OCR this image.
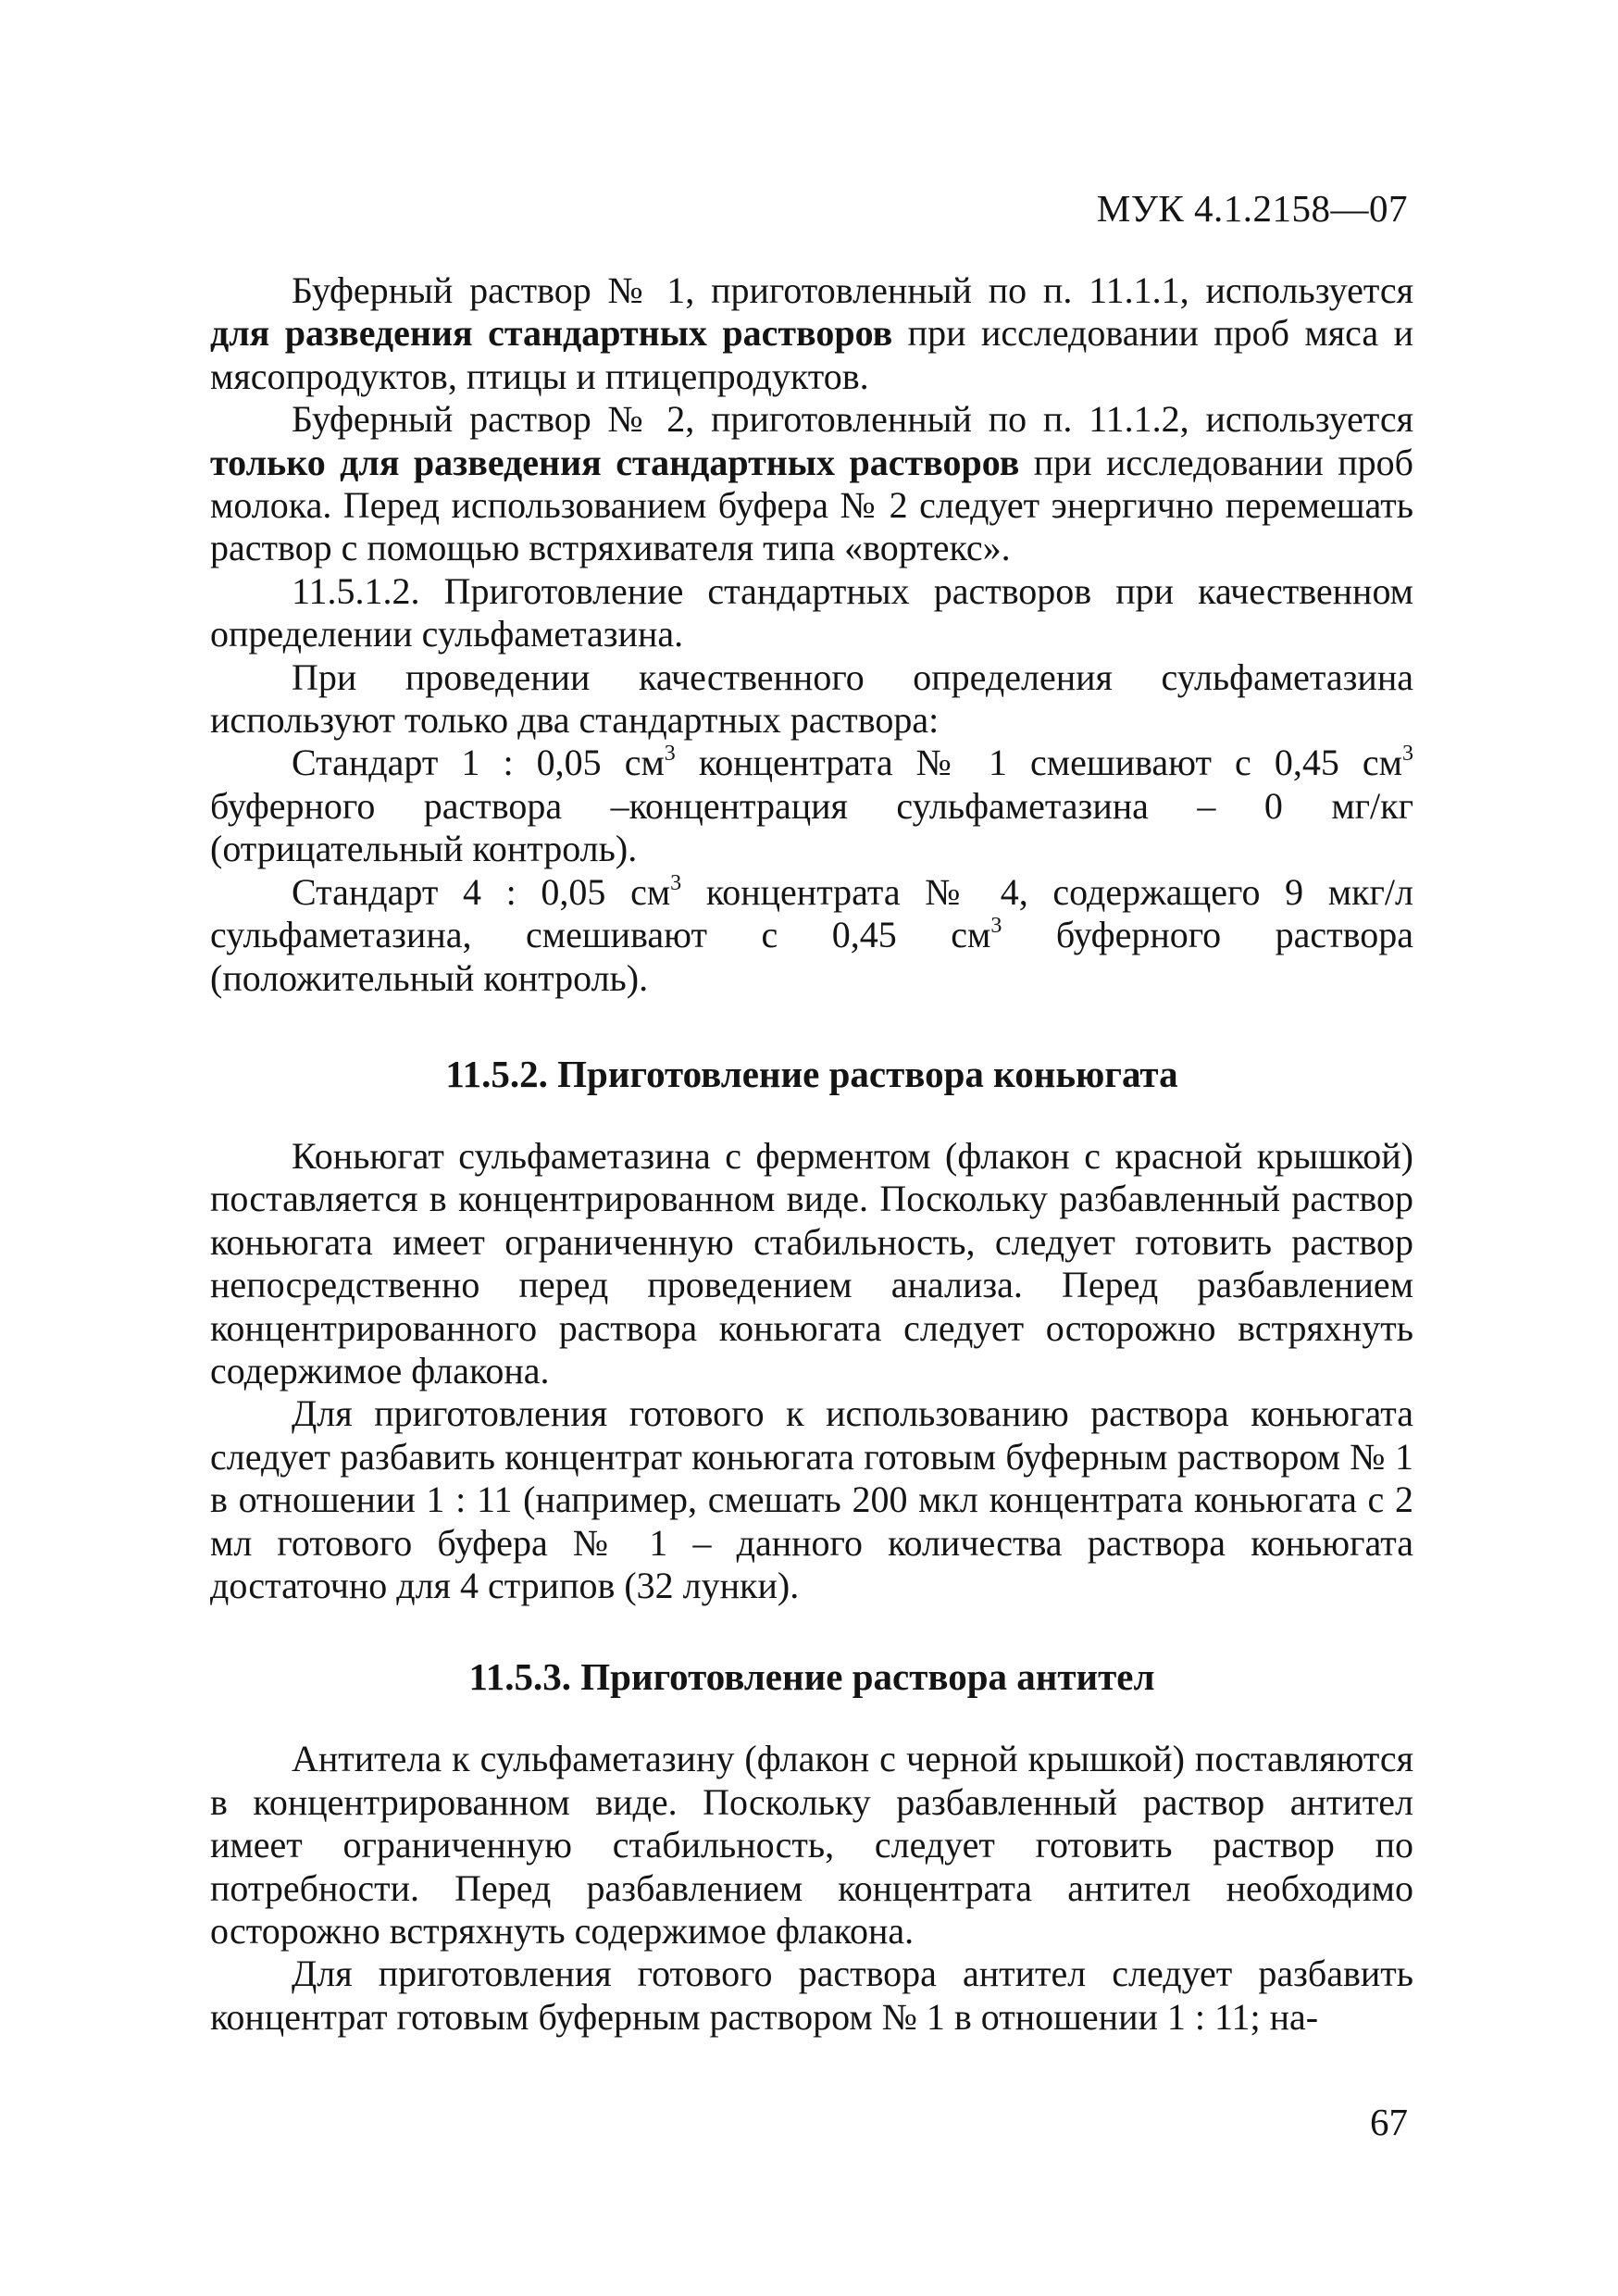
МУК 4.1.2158—07

Буферный раствор № 1, приготовленный по п. 11.1.1, используется для разведения стандартных растворов при исследовании проб мяса и мясопродуктов, птицы и птицепродуктов.

Буферный раствор № 2, приготовленный по п. 11.1.2, используется только для разведения стандартных растворов при исследовании проб молока. Перед использованием буфера № 2 следует энергично перемешать раствор с помощью встряхивателя типа «вортекс».

11.5.1.2. Приготовление стандартных растворов при качественном определении сульфаметазина.

При проведении качественного определения сульфаметазина используют только два стандартных раствора:

Стандарт 1 : 0,05 $см^3$ концентрата № 1 смешивают с 0,45 $см^3$ буферного раствора –концентрация сульфаметазина – 0 мг/кг (отрицательный контроль).

Стандарт 4 : 0,05 $см^3$ концентрата № 4, содержащего 9 мкг/л сульфаметазина, смешивают с 0,45 $см^3$ буферного раствора (положительный контроль).

11.5.2. Приготовление раствора коньюгата

Коньюгат сульфаметазина с ферментом (флакон с красной крышкой) поставляется в концентрированном виде. Поскольку разбавленный раствор коньюгата имеет ограниченную стабильность, следует готовить раствор непосредственно перед проведением анализа. Перед разбавлением концентрированного раствора коньюгата следует осторожно встряхнуть содержимое флакона.

Для приготовления готового к использованию раствора коньюгата следует разбавить концентрат коньюгата готовым буферным раствором № 1 в отношении 1 : 11 (например, смешать 200 мкл концентрата коньюгата с 2 мл готового буфера № 1 – данного количества раствора коньюгата достаточно для 4 стрипов (32 лунки).

11.5.3. Приготовление раствора антител

Антитела к сульфаметазину (флакон с черной крышкой) поставляются в концентрированном виде. Поскольку разбавленный раствор антител имеет ограниченную стабильность, следует готовить раствор по потребности. Перед разбавлением концентрата антител необходимо осторожно встряхнуть содержимое флакона.

Для приготовления готового раствора антител следует разбавить концентрат готовым буферным раствором № 1 в отношении 1 : 11; на-

67
